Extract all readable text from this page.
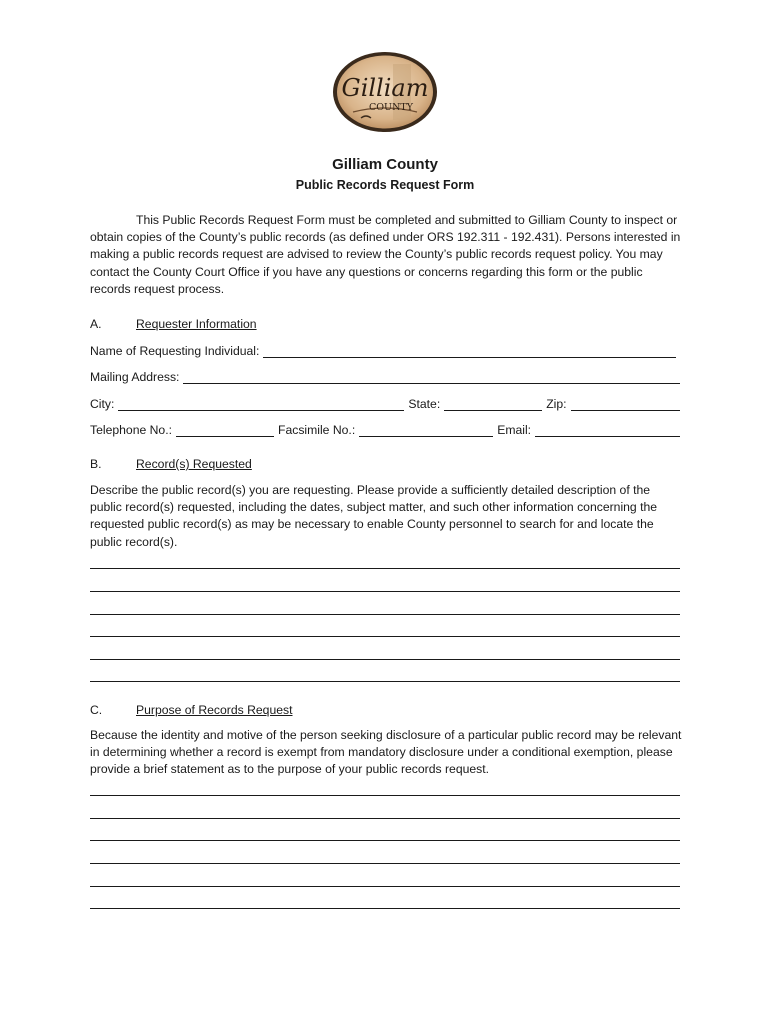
Gilliam
COUNTY
Gilliam County
Public Records Request Form
This Public Records Request Form must be completed and submitted to Gilliam County to inspect or obtain copies of the County’s public records (as defined under ORS 192.311 - 192.431). Persons interested in making a public records request are advised to review the County’s public records request policy. You may contact the County Court Office if you have any questions or concerns regarding this form or the public records request process.
A.	Requester Information
Name of Requesting Individual:
Mailing Address:
City:	State:	Zip:
Telephone No.:	Facsimile No.:	Email:
B.	Record(s) Requested
Describe the public record(s) you are requesting. Please provide a sufficiently detailed description of the public record(s) requested, including the dates, subject matter, and such other information concerning the requested public record(s) as may be necessary to enable County personnel to search for and locate the public record(s).
C.	Purpose of Records Request
Because the identity and motive of the person seeking disclosure of a particular public record may be relevant in determining whether a record is exempt from mandatory disclosure under a conditional exemption, please provide a brief statement as to the purpose of your public records request.
